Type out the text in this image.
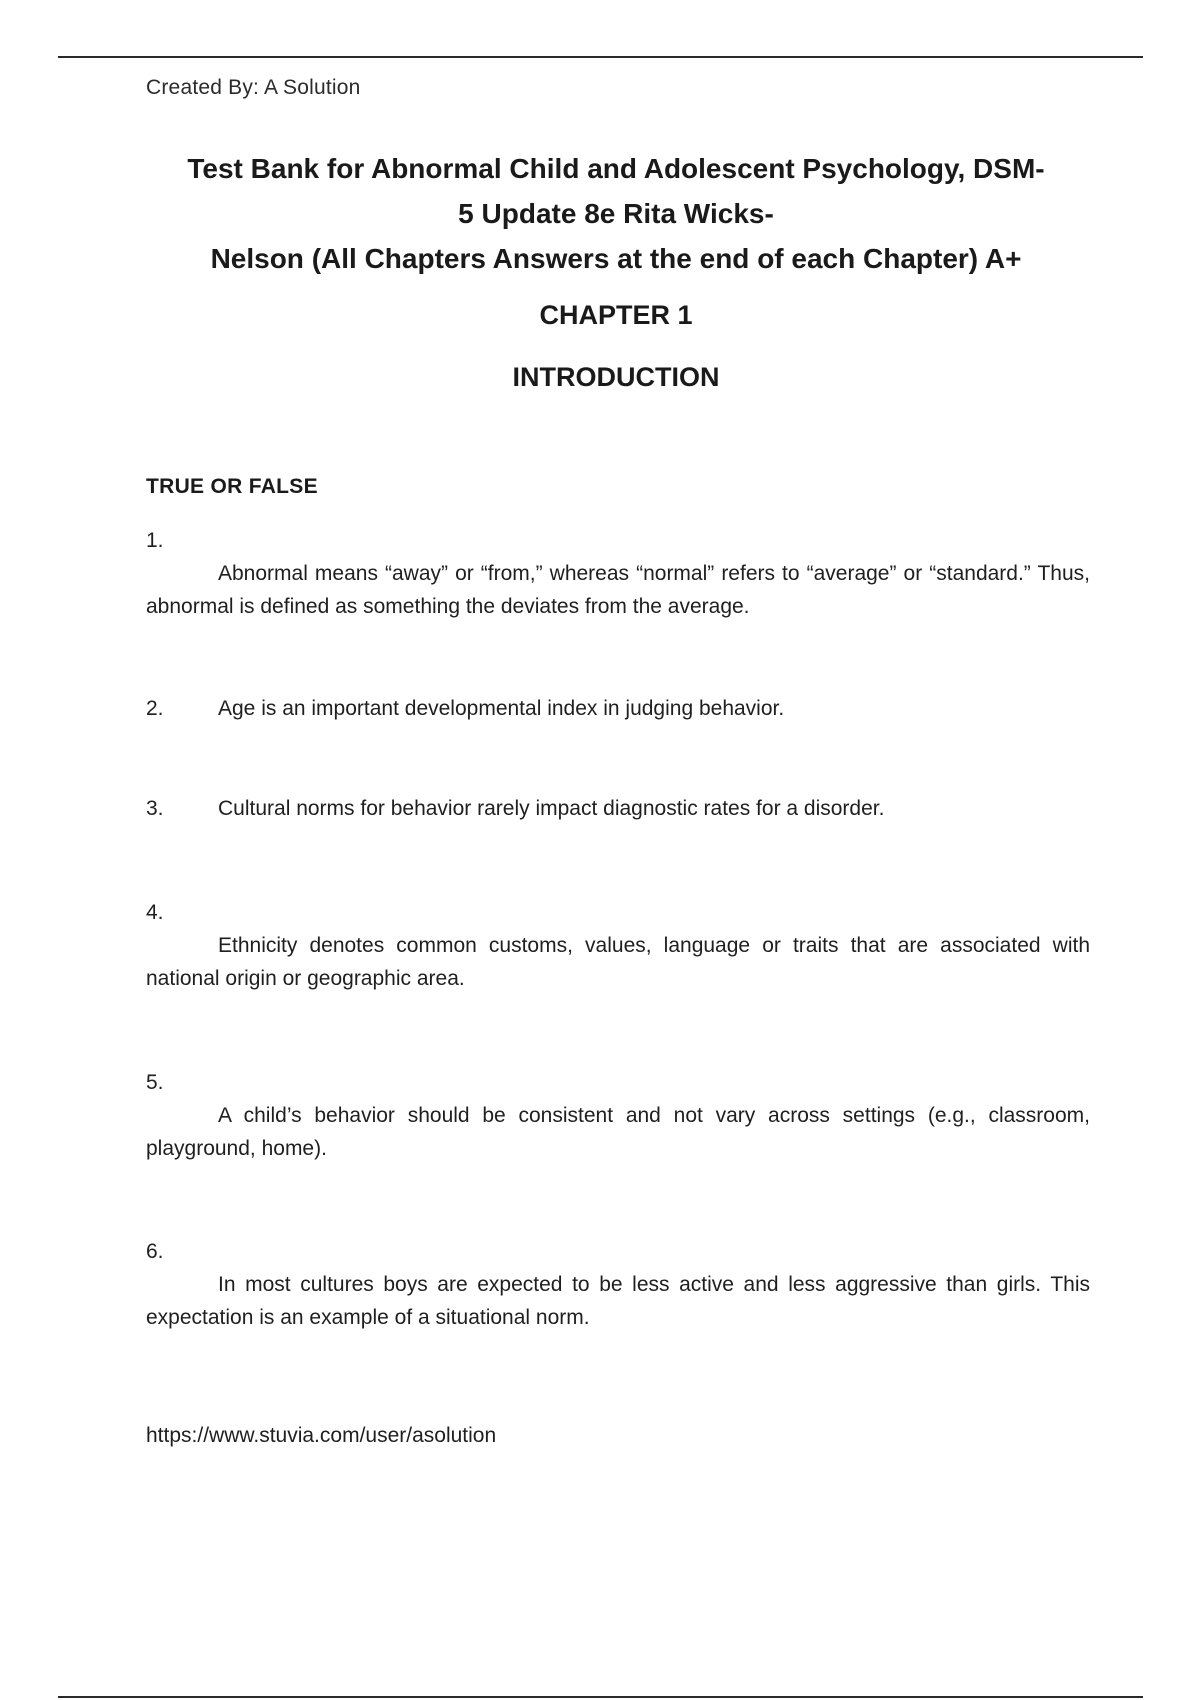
Created By: A Solution
Test Bank for Abnormal Child and Adolescent Psychology, DSM-
5 Update 8e Rita Wicks-
Nelson (All Chapters Answers at the end of each Chapter) A+
CHAPTER 1
INTRODUCTION
TRUE OR FALSE
1.
Abnormal means “away” or “from,” whereas “normal” refers to “average” or “standard.” Thus, abnormal is defined as something the deviates from the average.
2.	Age is an important developmental index in judging behavior.
3.	Cultural norms for behavior rarely impact diagnostic rates for a disorder.
4.
Ethnicity denotes common customs, values, language or traits that are associated with national origin or geographic area.
5.
A child’s behavior should be consistent and not vary across settings (e.g., classroom, playground, home).
6.
In most cultures boys are expected to be less active and less aggressive than girls. This expectation is an example of a situational norm.
https://www.stuvia.com/user/asolution
